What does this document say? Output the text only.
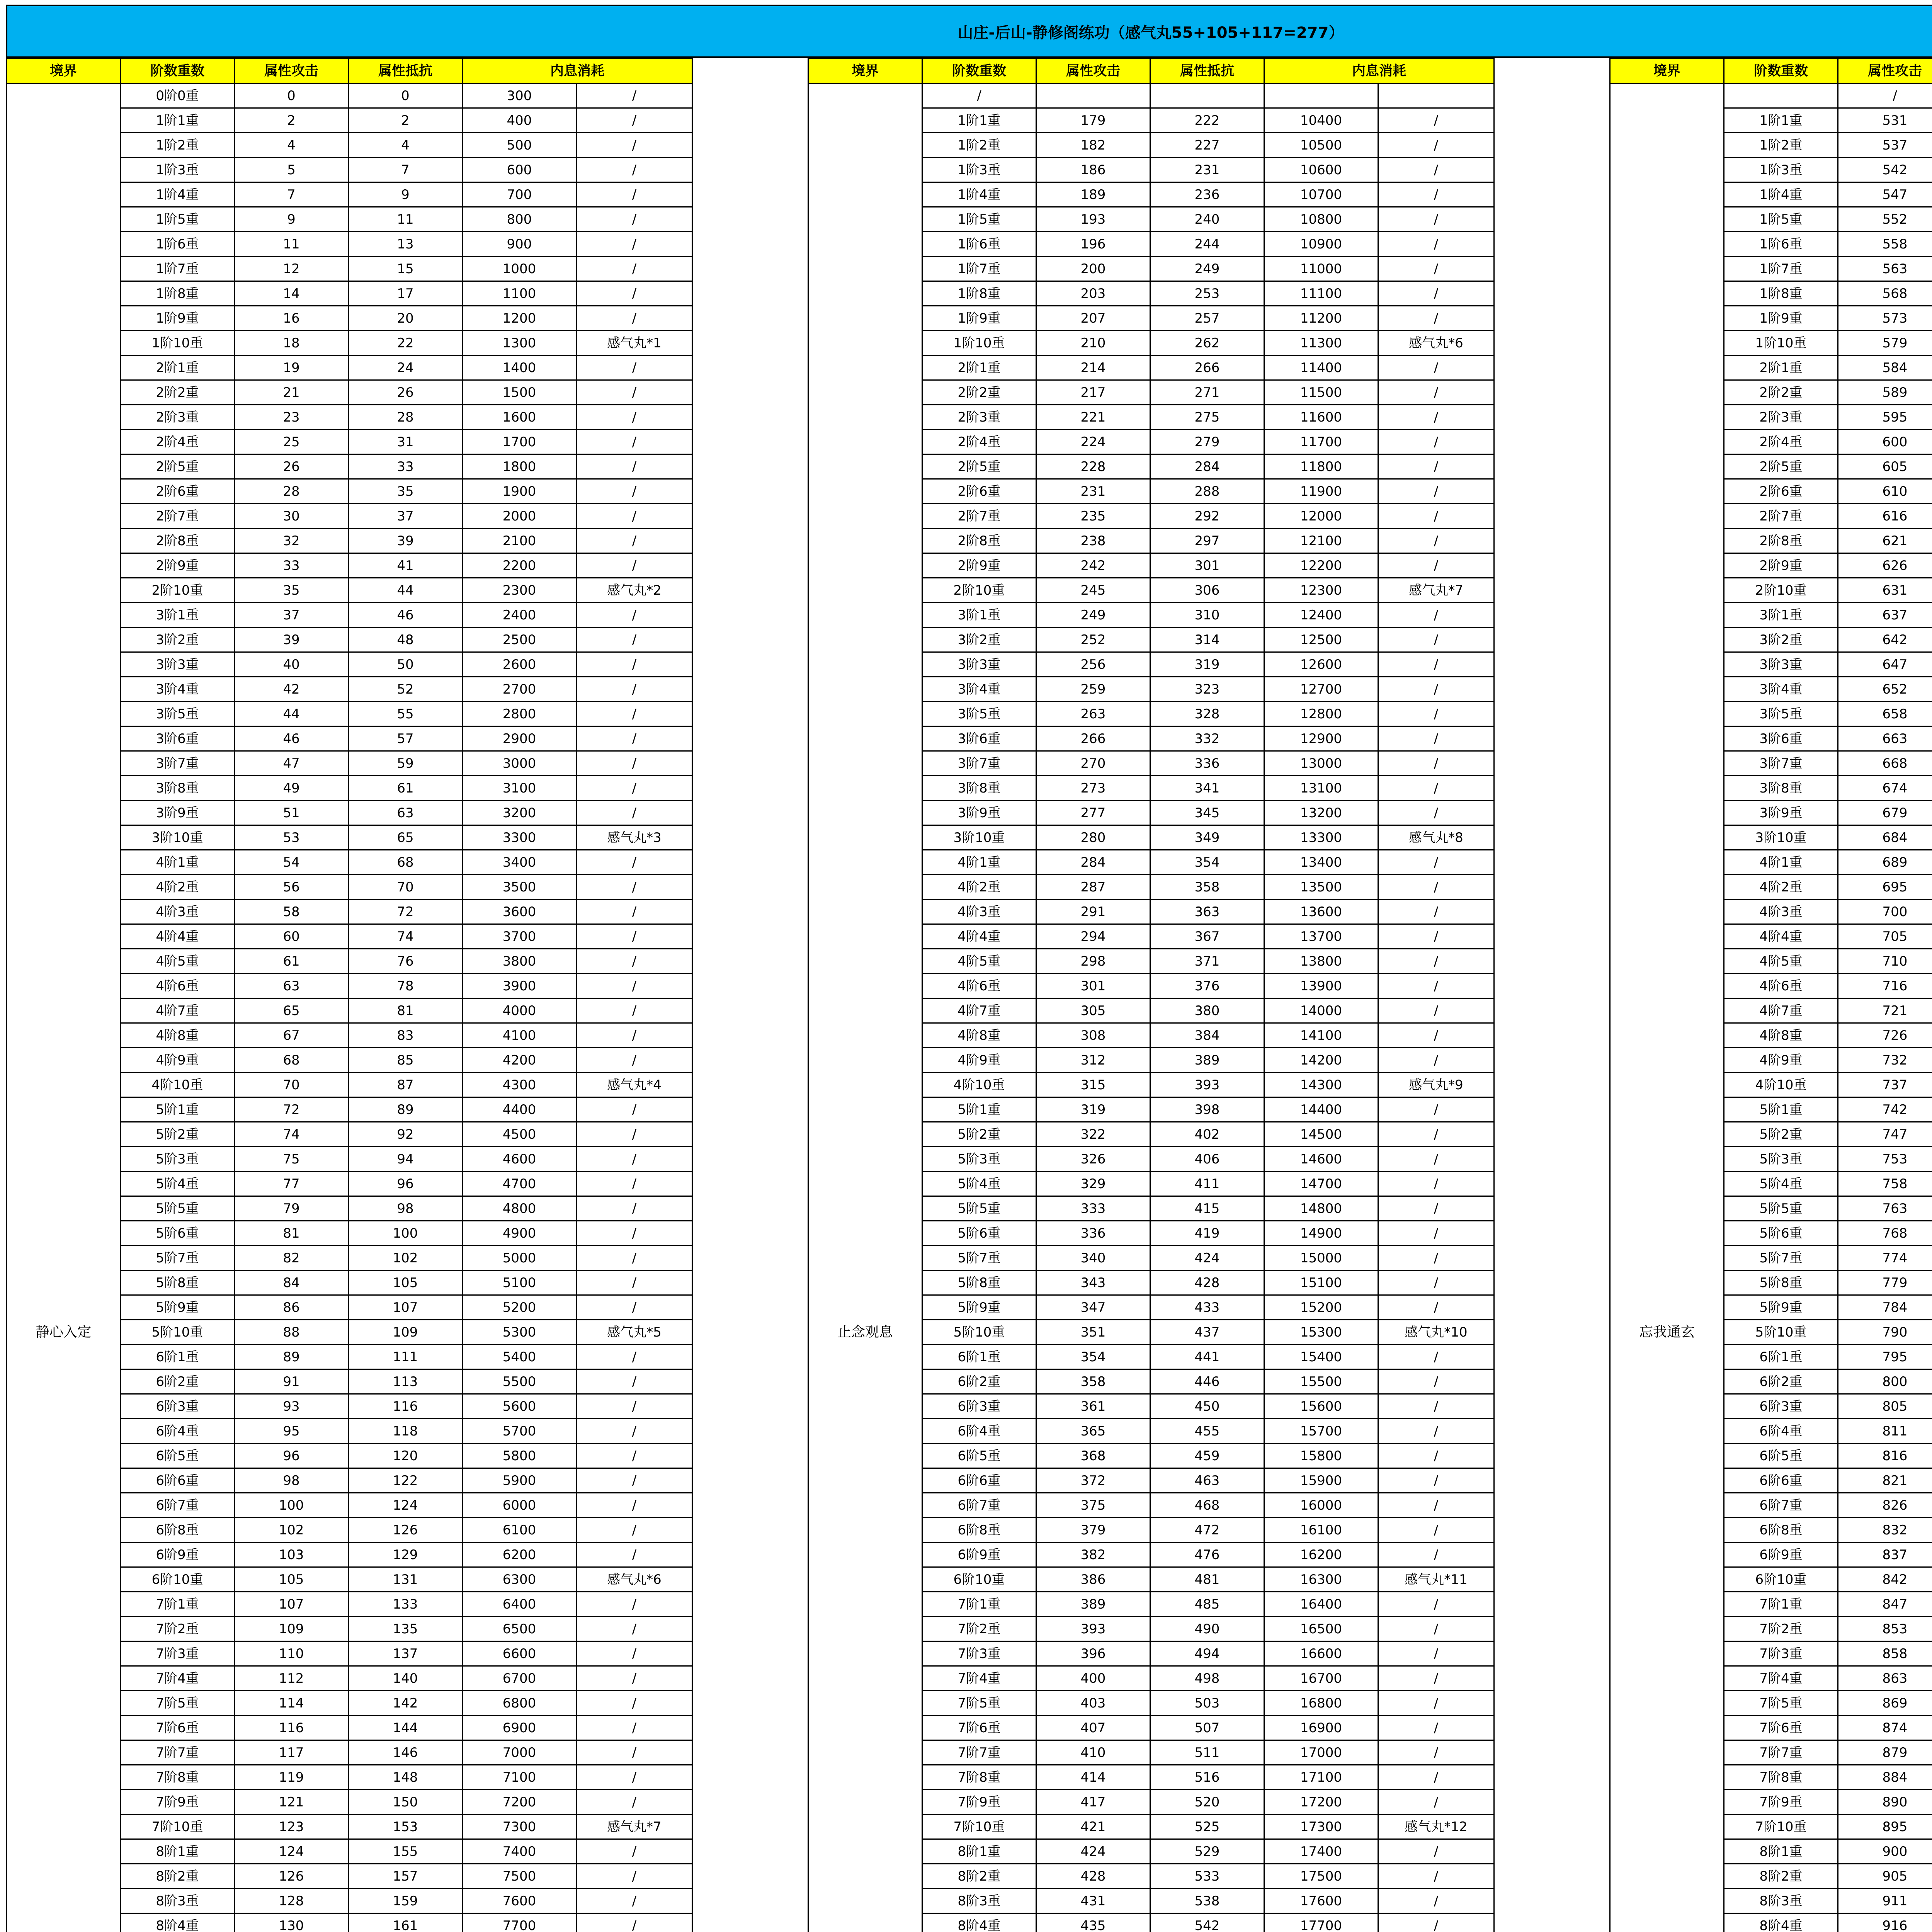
山庄-后山-静修阁练功（感气丸55+105+117=277）
境界	阶数重数	属性攻击	属性抵抗	内息消耗	
静心入定	0阶0重	0	0	300	/
	1阶1重	2	2	400	/
	1阶2重	4	4	500	/
	1阶3重	5	7	600	/
	1阶4重	7	9	700	/
	1阶5重	9	11	800	/
	1阶6重	11	13	900	/
	1阶7重	12	15	1000	/
	1阶8重	14	17	1100	/
	1阶9重	16	20	1200	/
	1阶10重	18	22	1300	感气丸*1
	2阶1重	19	24	1400	/
	2阶2重	21	26	1500	/
	2阶3重	23	28	1600	/
	2阶4重	25	31	1700	/
	2阶5重	26	33	1800	/
	2阶6重	28	35	1900	/
	2阶7重	30	37	2000	/
	2阶8重	32	39	2100	/
	2阶9重	33	41	2200	/
	2阶10重	35	44	2300	感气丸*2
	3阶1重	37	46	2400	/
	3阶2重	39	48	2500	/
	3阶3重	40	50	2600	/
	3阶4重	42	52	2700	/
	3阶5重	44	55	2800	/
	3阶6重	46	57	2900	/
	3阶7重	47	59	3000	/
	3阶8重	49	61	3100	/
	3阶9重	51	63	3200	/
	3阶10重	53	65	3300	感气丸*3
	4阶1重	54	68	3400	/
	4阶2重	56	70	3500	/
	4阶3重	58	72	3600	/
	4阶4重	60	74	3700	/
	4阶5重	61	76	3800	/
	4阶6重	63	78	3900	/
	4阶7重	65	81	4000	/
	4阶8重	67	83	4100	/
	4阶9重	68	85	4200	/
	4阶10重	70	87	4300	感气丸*4
	5阶1重	72	89	4400	/
	5阶2重	74	92	4500	/
	5阶3重	75	94	4600	/
	5阶4重	77	96	4700	/
	5阶5重	79	98	4800	/
	5阶6重	81	100	4900	/
	5阶7重	82	102	5000	/
	5阶8重	84	105	5100	/
	5阶9重	86	107	5200	/
	5阶10重	88	109	5300	感气丸*5
	6阶1重	89	111	5400	/
	6阶2重	91	113	5500	/
	6阶3重	93	116	5600	/
	6阶4重	95	118	5700	/
	6阶5重	96	120	5800	/
	6阶6重	98	122	5900	/
	6阶7重	100	124	6000	/
	6阶8重	102	126	6100	/
	6阶9重	103	129	6200	/
	6阶10重	105	131	6300	感气丸*6
	7阶1重	107	133	6400	/
	7阶2重	109	135	6500	/
	7阶3重	110	137	6600	/
	7阶4重	112	140	6700	/
	7阶5重	114	142	6800	/
	7阶6重	116	144	6900	/
	7阶7重	117	146	7000	/
	7阶8重	119	148	7100	/
	7阶9重	121	150	7200	/
	7阶10重	123	153	7300	感气丸*7
	8阶1重	124	155	7400	/
	8阶2重	126	157	7500	/
	8阶3重	128	159	7600	/
	8阶4重	130	161	7700	/

境界	阶数重数	属性攻击	属性抵抗	内息消耗	
止念观息	/				
	1阶1重	179	222	10400	/
	1阶2重	182	227	10500	/
	1阶3重	186	231	10600	/
	1阶4重	189	236	10700	/
	1阶5重	193	240	10800	/
	1阶6重	196	244	10900	/
	1阶7重	200	249	11000	/
	1阶8重	203	253	11100	/
	1阶9重	207	257	11200	/
	1阶10重	210	262	11300	感气丸*6
	2阶1重	214	266	11400	/
	2阶2重	217	271	11500	/
	2阶3重	221	275	11600	/
	2阶4重	224	279	11700	/
	2阶5重	228	284	11800	/
	2阶6重	231	288	11900	/
	2阶7重	235	292	12000	/
	2阶8重	238	297	12100	/
	2阶9重	242	301	12200	/
	2阶10重	245	306	12300	感气丸*7
	3阶1重	249	310	12400	/
	3阶2重	252	314	12500	/
	3阶3重	256	319	12600	/
	3阶4重	259	323	12700	/
	3阶5重	263	328	12800	/
	3阶6重	266	332	12900	/
	3阶7重	270	336	13000	/
	3阶8重	273	341	13100	/
	3阶9重	277	345	13200	/
	3阶10重	280	349	13300	感气丸*8
	4阶1重	284	354	13400	/
	4阶2重	287	358	13500	/
	4阶3重	291	363	13600	/
	4阶4重	294	367	13700	/
	4阶5重	298	371	13800	/
	4阶6重	301	376	13900	/
	4阶7重	305	380	14000	/
	4阶8重	308	384	14100	/
	4阶9重	312	389	14200	/
	4阶10重	315	393	14300	感气丸*9
	5阶1重	319	398	14400	/
	5阶2重	322	402	14500	/
	5阶3重	326	406	14600	/
	5阶4重	329	411	14700	/
	5阶5重	333	415	14800	/
	5阶6重	336	419	14900	/
	5阶7重	340	424	15000	/
	5阶8重	343	428	15100	/
	5阶9重	347	433	15200	/
	5阶10重	351	437	15300	感气丸*10
	6阶1重	354	441	15400	/
	6阶2重	358	446	15500	/
	6阶3重	361	450	15600	/
	6阶4重	365	455	15700	/
	6阶5重	368	459	15800	/
	6阶6重	372	463	15900	/
	6阶7重	375	468	16000	/
	6阶8重	379	472	16100	/
	6阶9重	382	476	16200	/
	6阶10重	386	481	16300	感气丸*11
	7阶1重	389	485	16400	/
	7阶2重	393	490	16500	/
	7阶3重	396	494	16600	/
	7阶4重	400	498	16700	/
	7阶5重	403	503	16800	/
	7阶6重	407	507	16900	/
	7阶7重	410	511	17000	/
	7阶8重	414	516	17100	/
	7阶9重	417	520	17200	/
	7阶10重	421	525	17300	感气丸*12
	8阶1重	424	529	17400	/
	8阶2重	428	533	17500	/
	8阶3重	431	538	17600	/
	8阶4重	435	542	17700	/

境界	阶数重数	属性攻击		
忘我通玄		/			
	1阶1重	531			
	1阶2重	537			
	1阶3重	542			
	1阶4重	547			
	1阶5重	552			
	1阶6重	558			
	1阶7重	563			
	1阶8重	568			
	1阶9重	573			
	1阶10重	579			
	2阶1重	584			
	2阶2重	589			
	2阶3重	595			
	2阶4重	600			
	2阶5重	605			
	2阶6重	610			
	2阶7重	616			
	2阶8重	621			
	2阶9重	626			
	2阶10重	631			
	3阶1重	637			
	3阶2重	642			
	3阶3重	647			
	3阶4重	652			
	3阶5重	658			
	3阶6重	663			
	3阶7重	668			
	3阶8重	674			
	3阶9重	679			
	3阶10重	684			
	4阶1重	689			
	4阶2重	695			
	4阶3重	700			
	4阶4重	705			
	4阶5重	710			
	4阶6重	716			
	4阶7重	721			
	4阶8重	726			
	4阶9重	732			
	4阶10重	737			
	5阶1重	742			
	5阶2重	747			
	5阶3重	753			
	5阶4重	758			
	5阶5重	763			
	5阶6重	768			
	5阶7重	774			
	5阶8重	779			
	5阶9重	784			
	5阶10重	790			
	6阶1重	795			
	6阶2重	800			
	6阶3重	805			
	6阶4重	811			
	6阶5重	816			
	6阶6重	821			
	6阶7重	826			
	6阶8重	832			
	6阶9重	837			
	6阶10重	842			
	7阶1重	847			
	7阶2重	853			
	7阶3重	858			
	7阶4重	863			
	7阶5重	869			
	7阶6重	874			
	7阶7重	879			
	7阶8重	884			
	7阶9重	890			
	7阶10重	895			
	8阶1重	900			
	8阶2重	905			
	8阶3重	911			
	8阶4重	916			
